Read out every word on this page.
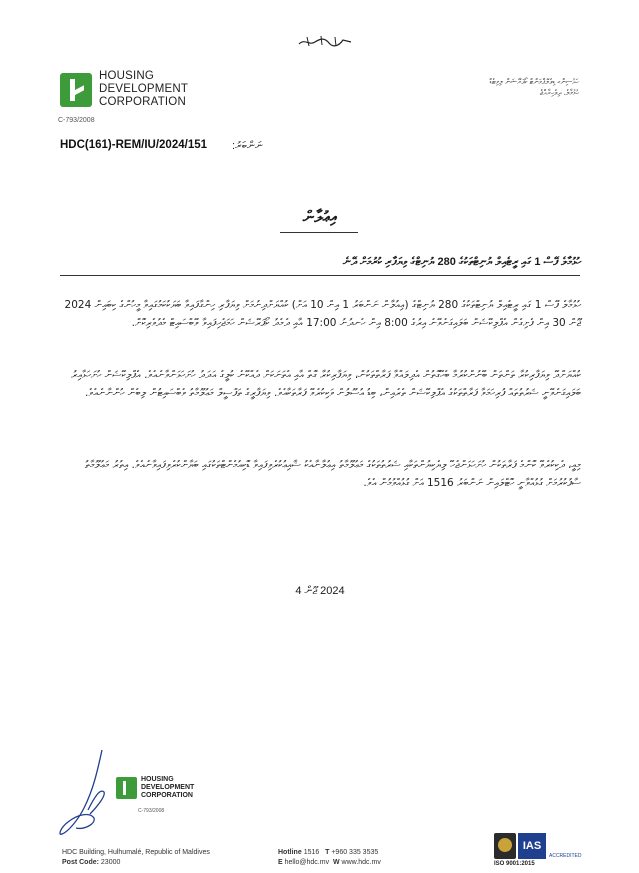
HOUSING
DEVELOPMENT
CORPORATION
C-793/2008
ހައުސިންގ ޑިވެލޮޕްމަންޓް ކޯޕަރޭޝަން ލިމިޓެޑް
ހުޅުމާލެ، ދިވެހިރާއްޖެ
HDC(161)-REM/IU/2024/151 ނަންބަރު:
އިޢުލާން
ހުޅުމާލެ ފޭސް 1 ގައި ރީޓެއިލް ޔުނިޓްތަކުގެ 280 ޔުނިޓްގެ ވިޔަފާރި ކުރުމަށް ދޭނެ
ހުޅުމާލެ ފޭސް 1 ގައި ރީޓެއިލް ޔުނިޓްތަކުގެ 280 ޔުނިޓްގެ (ޢިއުލާން ނަންބަރު 1 އިން 10 އަށް) ކުއްޔަށްދިނުމަށް ވިޔަފާރި ހިންގާފައިވާ ބަޔަކުކަމުގައިވާ މީހުންގެ ކިބައިން 2024 ޖޫން 30 އިން ފެށިގެން އެޕްލިކޭޝަން ބަލައިގަނެވޭނެ އިރުގެ 8:00 އިން ހެނދުނު 17:00 އާއި ދެމެދު ކޯޕަރޭޝަން ހަމަޖެހިފައިވާ ވޭބްސައިޓް މެދުވެރިކޮށް.
ކުއްޔަށްދޭ ވިޔަފާރިކުރާ ތަންތަން ބޭނުންކުރުމާ ބެހޭގޮތުން އެދިލައްވާ ފަރާތްތަކުން، ވިޔަފާރިކުރާ ގޮތް އާއި އެތަނަކަށް ދެއްކޭނެ ކުލީގެ އަދަދު ހުށަހަޅަންވާނެއެވެ. އެޕްލިކޭޝަން ހުށަހަޅާއިރު ބަލައިގަނެވޭނީ ޝަރުތުތައް ފުރިހަމަވާ ފަރާތްތަކުގެ އެޕްލިކޭޝަން ތެރެއިން، ބިޑު އުސޫލުން ވަކިކުރެވޭ ފަރާތަކާއެވެ. ވިޔަފާރީގެ ތަފްސީލް މަޢުލޫމާތު ވެބްސައިޓުން ލިބެން ހުންނާނެއެވެ.
މިއީ، ދެކިކުރެވޭ ކޮންމެ ފަރާތަކުން ހުށަހަޅަންޖެހޭ ލިޔެކިޔުންތަކާއި ޝަރުތުތަކުގެ މަޢުލޫމާތު އިޢުލާނާއެކު ޝާއިޢުކުރެވިފައިވާ ޑޮކިއުމެންޓްތަކުގައި ބަޔާންކުރެވިފައިވާނެއެވެ. އިތުރު މަޢުލޫމާތު ސާފުކުރުމަށް ގުޅުއްވާނީ ހޮޓްލައިން ނަންބަރު 1516 އަށް ގުޅުއްވުމުން އެވެ.
2024 ޖޫން 4
HOUSING
DEVELOPMENT
CORPORATION
C-793/2008
HDC Building, Hulhumalé, Republic of Maldives
Post Code: 23000
Hotline 1516 T +960 335 3535
E hello@hdc.mv W www.hdc.mv
IAS
ACCREDITED
ISO 9001:2015
